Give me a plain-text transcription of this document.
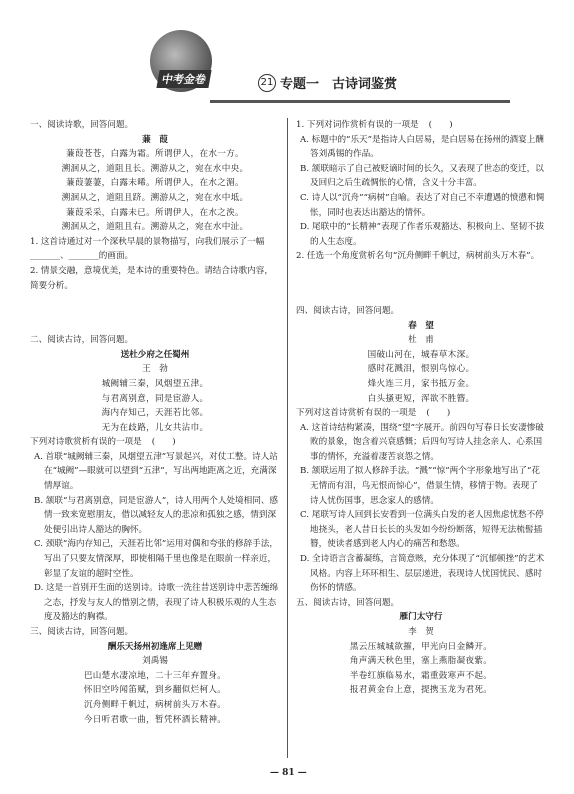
中考金卷	21 专题一　古诗词鉴赏

一、阅读诗歌，回答问题。

蒹　葭

蒹葭苍苍，白露为霜。所谓伊人，在水一方。

溯洄从之，道阻且长。溯游从之，宛在水中央。

蒹葭萋萋，白露未晞。所谓伊人，在水之湄。

溯洄从之，道阻且跻。溯游从之，宛在水中坻。

蒹葭采采，白露未已。所谓伊人，在水之涘。

溯洄从之，道阻且右。溯游从之，宛在水中沚。

1. 这首诗通过对一个深秋早晨的景物描写，向我们展示了一幅_______、_______的画面。

2. 情景交融，意境优美，是本诗的重要特色。请结合诗歌内容，简要分析。

二、阅读古诗，回答问题。

送杜少府之任蜀州

王　勃

城阙辅三秦，风烟望五津。

与君离别意，同是宦游人。

海内存知己，天涯若比邻。

无为在歧路，儿女共沾巾。

下列对诗歌赏析有误的一项是 (　　)

A. 首联“城阙辅三秦，风烟望五津”写景起兴，对仗工整。诗人站在“城阙”—眼就可以望到“五津”，写出两地距离之近，充满深情厚谊。

B. 颔联“与君离别意，同是宦游人”，诗人用两个人处境相同、感情一致来宽慰朋友，借以减轻友人的悲凉和孤独之感，情到深处便引出诗人豁达的胸怀。

C. 颈联“海内存知己，天涯若比邻”运用对偶和夸张的修辞手法，写出了只要友情深厚，即使相隔千里也像是在眼前一样亲近，彰显了友谊的超时空性。

D. 这是一首别开生面的送别诗。诗歌一洗往昔送别诗中悲苦缠绵之态，抒发与友人的惜别之情，表现了诗人积极乐观的人生态度及豁达的胸襟。

三、阅读古诗，回答问题。

酬乐天扬州初逢席上见赠

刘禹锡

巴山楚水凄凉地，二十三年弃置身。

怀旧空吟闻笛赋，到乡翻似烂柯人。

沉舟侧畔千帆过，病树前头万木春。

今日听君歌一曲，暂凭杯酒长精神。

1. 下列对词作赏析有误的一项是 (　　)

A. 标题中的“乐天”是指诗人白居易，是白居易在扬州的酒宴上酬答刘禹锡的作品。

B. 颔联暗示了自己被贬谪时间的长久，又表现了世态的变迁，以及回归之后生疏惆怅的心情，含义十分丰富。

C. 诗人以“沉舟”“病树”自喻。表达了对自己不幸遭遇的愤懑和惆怅，同时也表达出豁达的情怀。

D. 尾联中的“长精神”表现了作者乐观豁达、积极向上、坚韧不拔的人生态度。

2. 任选一个角度赏析名句“沉舟侧畔千帆过，病树前头万木春”。

四、阅读古诗，回答问题。

春　望

杜　甫

国破山河在，城春草木深。

感时花溅泪，恨别鸟惊心。

烽火连三月，家书抵万金。

白头搔更短，浑欲不胜簪。

下列对这首诗赏析有误的一项是 (　　)

A. 这首诗结构紧凑，围绕“望”字展开。前四句写春日长安凄惨破败的景象，饱含着兴衰感慨；后四句写诗人挂念亲人、心系国事的情怀，充溢着凄苦哀怨之情。

B. 颔联运用了拟人修辞手法。“溅”“惊”两个字形象地写出了“花无情而有泪，鸟无恨而惊心”，借景生情，移情于物。表现了诗人忧伤国事，思念家人的感情。

C. 尾联写诗人回到长安看到一位满头白发的老人因焦虑忧愁不停地挠头，老人昔日长长的头发如今纷纷断落，短得无法梳髻插簪，使读者感到老人内心的痛苦和愁怨。

D. 全诗语言含蓄凝练，言简意赅，充分体现了“沉郁顿挫”的艺术风格。内容上环环相生、层层递进，表现诗人忧国忧民、感时伤怀的情感。

五、阅读古诗，回答问题。

雁门太守行

李　贺

黑云压城城欲摧，甲光向日金鳞开。

角声满天秋色里，塞上燕脂凝夜紫。

半卷红旗临易水，霜重鼓寒声不起。

报君黄金台上意，提携玉龙为君死。

— 81 —
